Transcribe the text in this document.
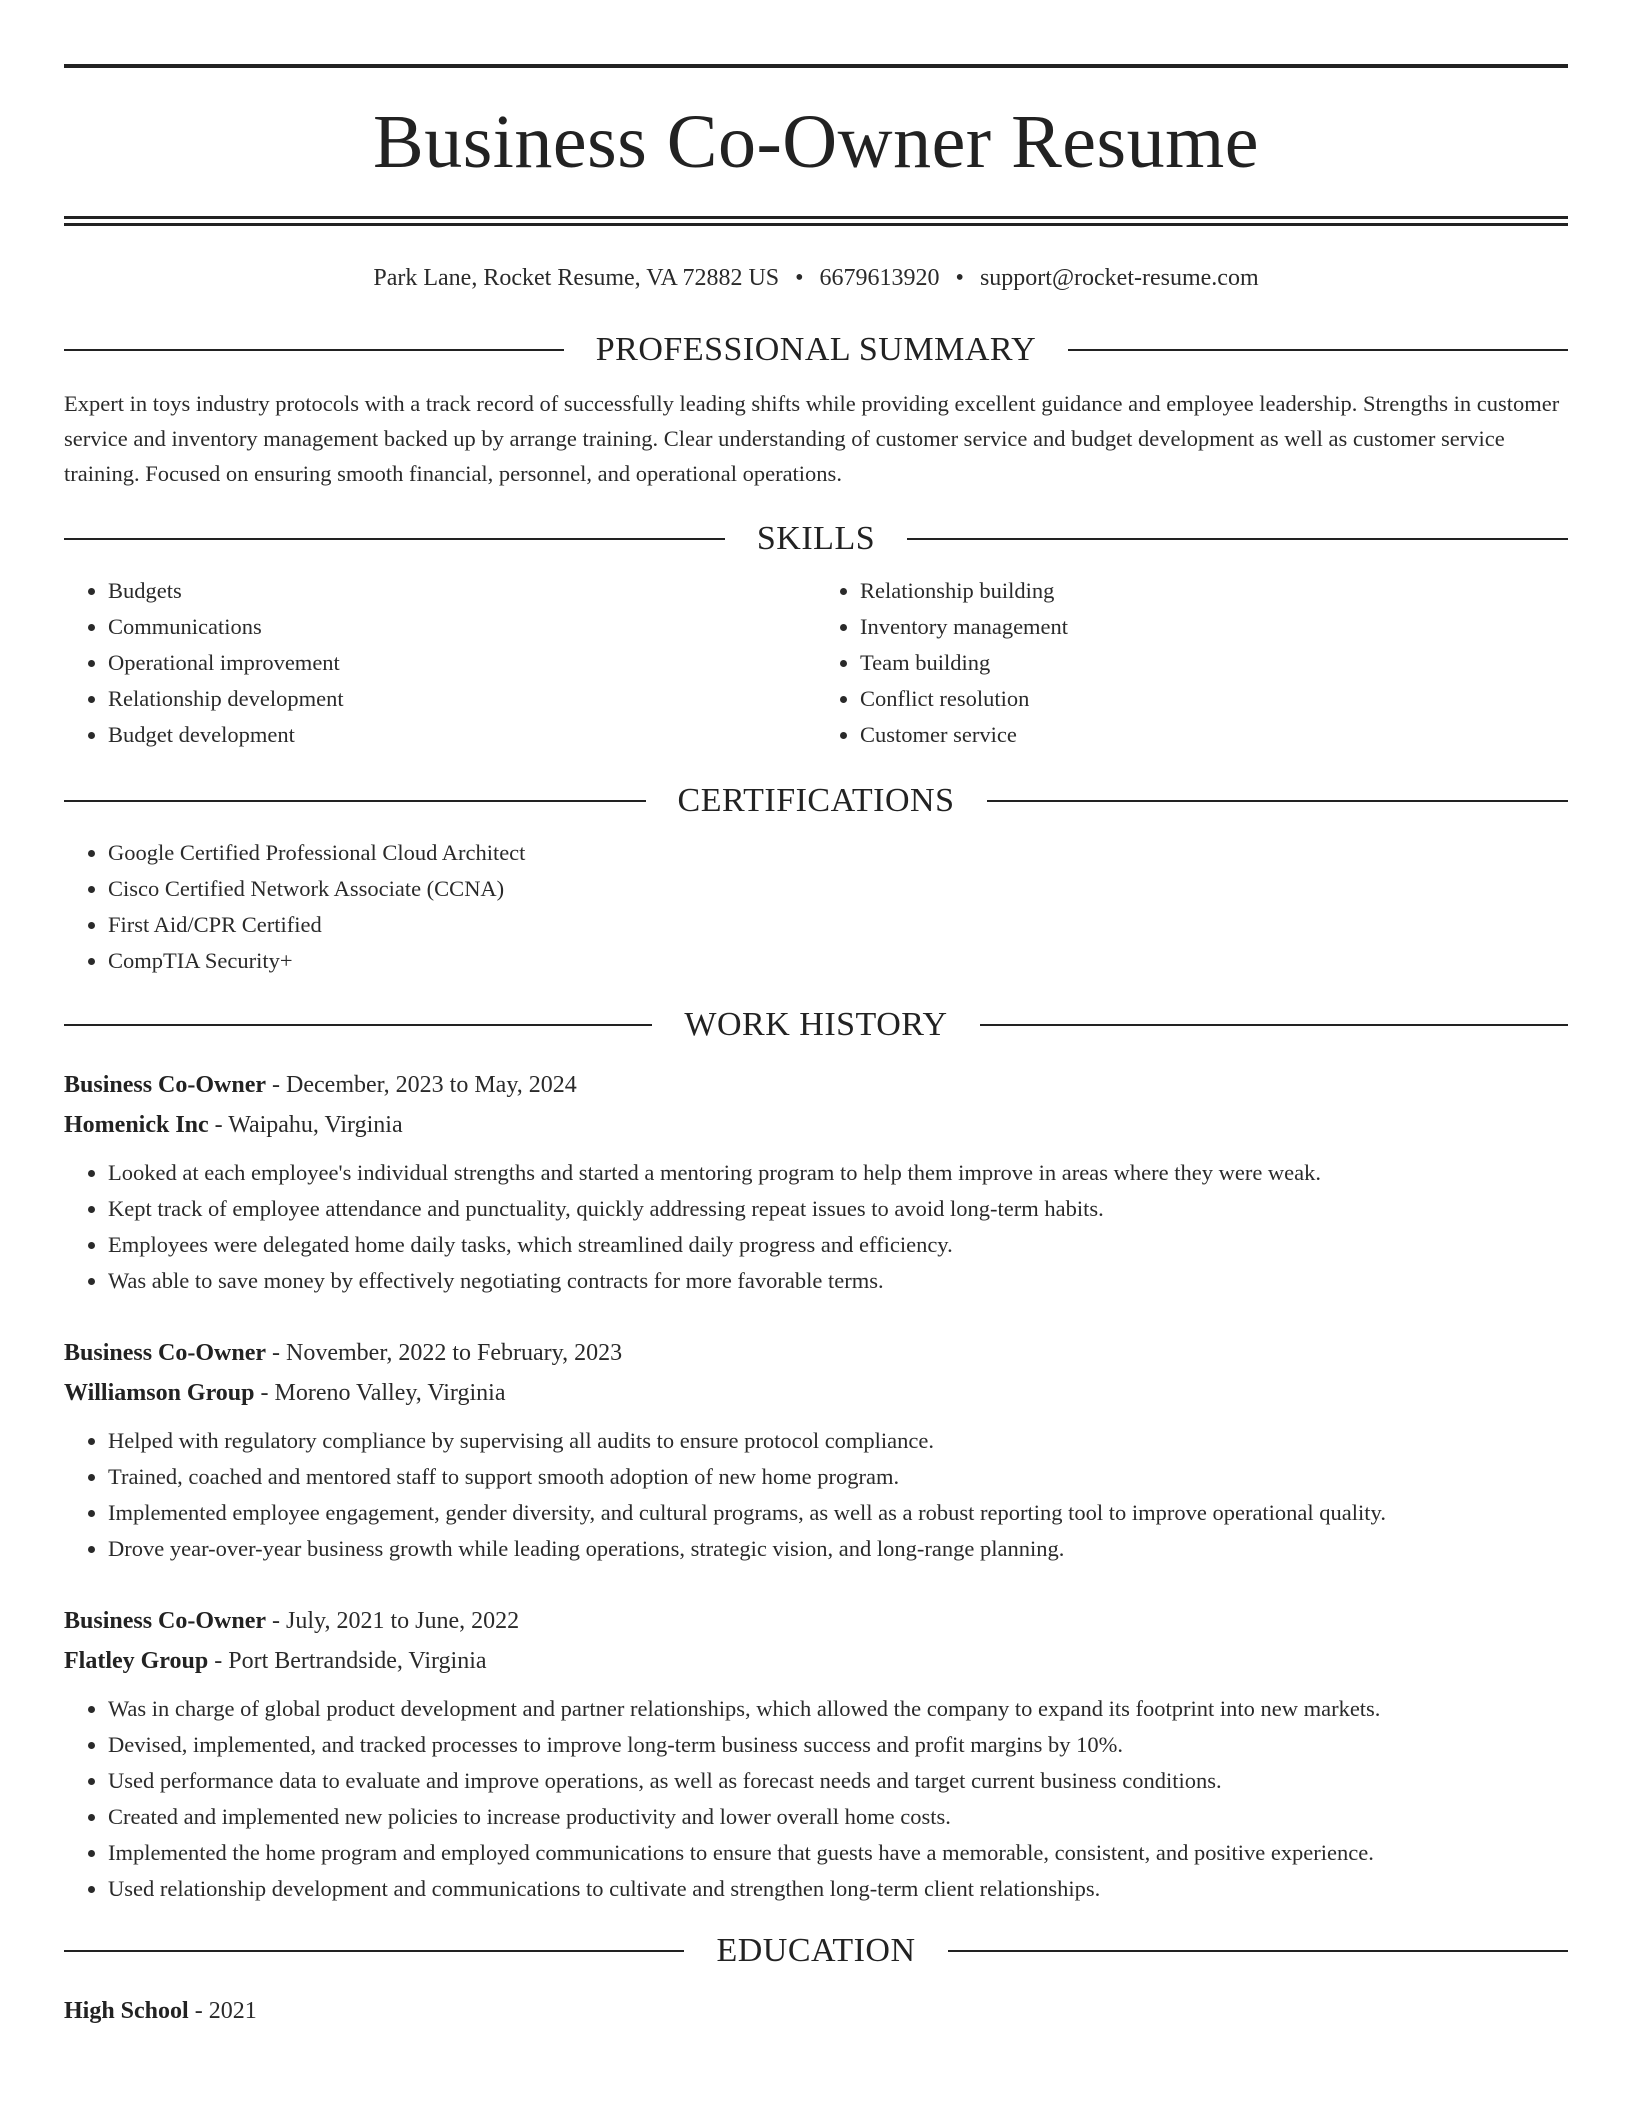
Business Co-Owner Resume
Park Lane, Rocket Resume, VA 72882 US • 6679613920 • support@rocket-resume.com
PROFESSIONAL SUMMARY
Expert in toys industry protocols with a track record of successfully leading shifts while providing excellent guidance and employee leadership. Strengths in customer service and inventory management backed up by arrange training. Clear understanding of customer service and budget development as well as customer service training. Focused on ensuring smooth financial, personnel, and operational operations.
SKILLS
• Budgets
• Communications
• Operational improvement
• Relationship development
• Budget development
• Relationship building
• Inventory management
• Team building
• Conflict resolution
• Customer service
CERTIFICATIONS
• Google Certified Professional Cloud Architect
• Cisco Certified Network Associate (CCNA)
• First Aid/CPR Certified
• CompTIA Security+
WORK HISTORY
Business Co-Owner - December, 2023 to May, 2024
Homenick Inc - Waipahu, Virginia
• Looked at each employee's individual strengths and started a mentoring program to help them improve in areas where they were weak.
• Kept track of employee attendance and punctuality, quickly addressing repeat issues to avoid long-term habits.
• Employees were delegated home daily tasks, which streamlined daily progress and efficiency.
• Was able to save money by effectively negotiating contracts for more favorable terms.
Business Co-Owner - November, 2022 to February, 2023
Williamson Group - Moreno Valley, Virginia
• Helped with regulatory compliance by supervising all audits to ensure protocol compliance.
• Trained, coached and mentored staff to support smooth adoption of new home program.
• Implemented employee engagement, gender diversity, and cultural programs, as well as a robust reporting tool to improve operational quality.
• Drove year-over-year business growth while leading operations, strategic vision, and long-range planning.
Business Co-Owner - July, 2021 to June, 2022
Flatley Group - Port Bertrandside, Virginia
• Was in charge of global product development and partner relationships, which allowed the company to expand its footprint into new markets.
• Devised, implemented, and tracked processes to improve long-term business success and profit margins by 10%.
• Used performance data to evaluate and improve operations, as well as forecast needs and target current business conditions.
• Created and implemented new policies to increase productivity and lower overall home costs.
• Implemented the home program and employed communications to ensure that guests have a memorable, consistent, and positive experience.
• Used relationship development and communications to cultivate and strengthen long-term client relationships.
EDUCATION
High School - 2021
